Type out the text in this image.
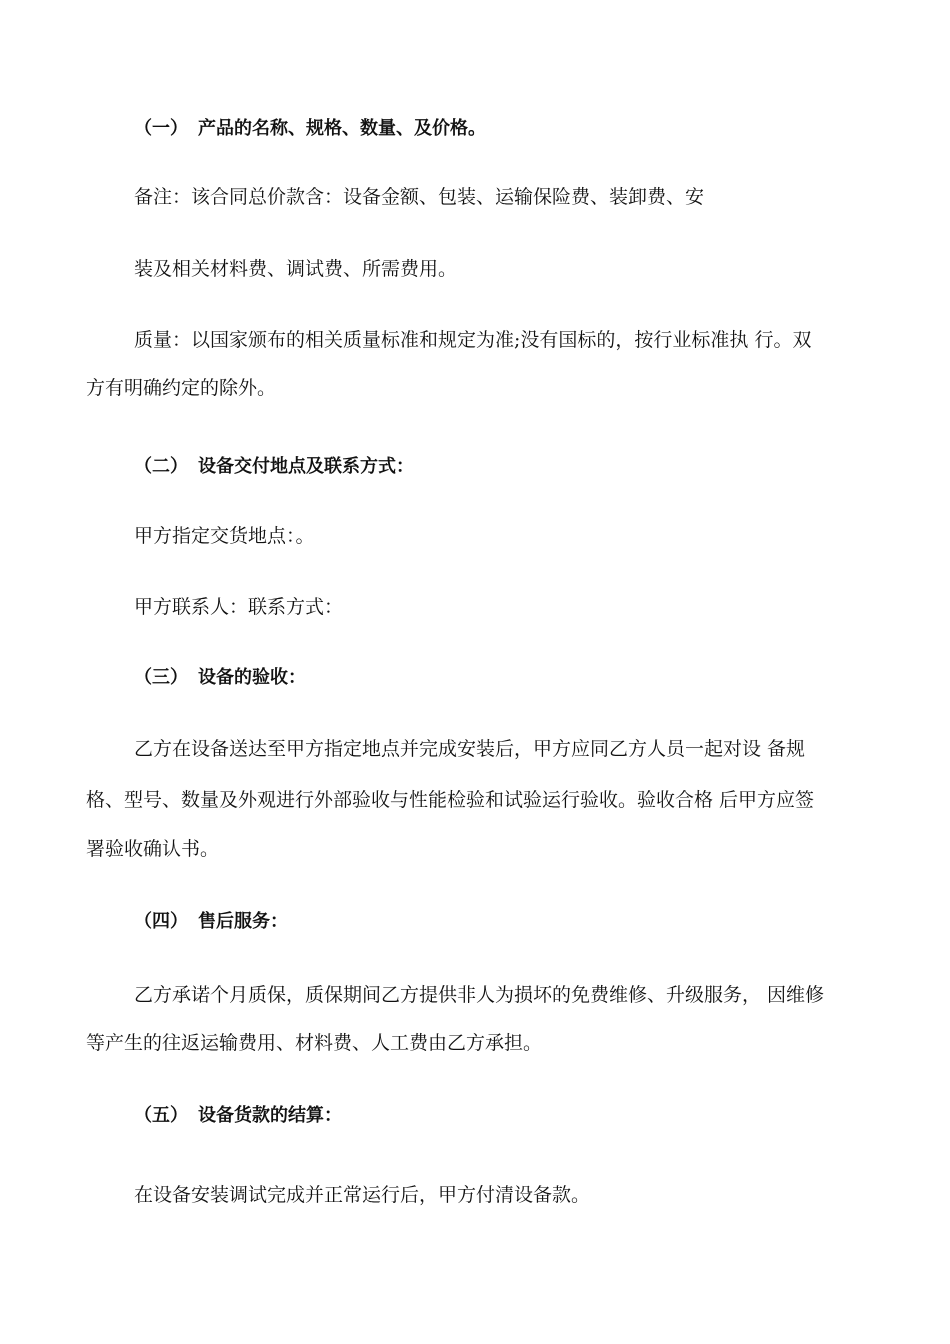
（一） 产品的名称、规格、数量、及价格。
备注：该合同总价款含：设备金额、包装、运输保险费、装卸费、安
装及相关材料费、调试费、所需费用。
质量：以国家颁布的相关质量标准和规定为准;没有国标的，按行业标准执 行。双
方有明确约定的除外。
（二） 设备交付地点及联系方式：
甲方指定交货地点：。
甲方联系人：联系方式：
（三） 设备的验收：
乙方在设备送达至甲方指定地点并完成安装后，甲方应同乙方人员一起对设 备规
格、型号、数量及外观进行外部验收与性能检验和试验运行验收。验收合格 后甲方应签
署验收确认书。
（四） 售后服务：
乙方承诺个月质保，质保期间乙方提供非人为损坏的免费维修、升级服务， 因维修
等产生的往返运输费用、材料费、人工费由乙方承担。
（五） 设备货款的结算：
在设备安装调试完成并正常运行后，甲方付清设备款。
